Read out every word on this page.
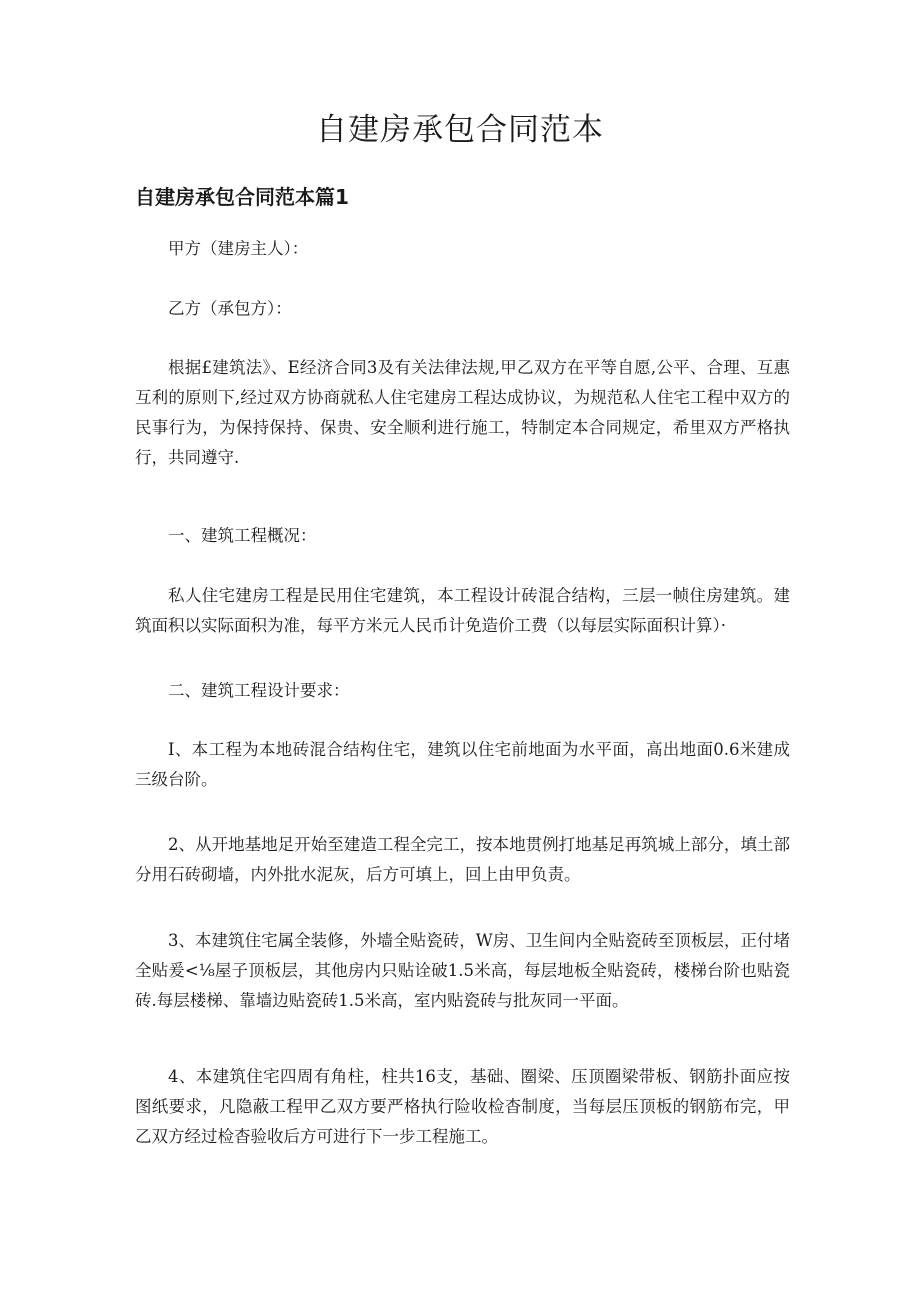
自建房承包合同范本
自建房承包合同范本篇1

甲方（建房主人）：

乙方（承包方）：

根据£建筑法》、E经济合同3及有关法律法规,甲乙双方在平等自愿,公平、合理、互惠互利的原则下,经过双方协商就私人住宅建房工程达成协议，为规范私人住宅工程中双方的民事行为，为保持保持、保贵、安全顺利进行施工，特制定本合同规定，希里双方严格执行，共同遵守.

一、建筑工程概况：

私人住宅建房工程是民用住宅建筑，本工程设计砖混合结构，三层一帧住房建筑。建筑面积以实际面积为准，每平方米元人民币计免造价工费（以每层实际面积计算）·

二、建筑工程设计要求：

I、本工程为本地砖混合结构住宅，建筑以住宅前地面为水平面，高出地面0.6米建成三级台阶。

2、从开地基地足开始至建造工程全完工，按本地贯例打地基足再筑城上部分，填土部分用石砖砌墙，内外批水泥灰，后方可填上，回上由甲负责。

3、本建筑住宅属全装修，外墙全贴瓷砖，W房、卫生间内全贴瓷砖至顶板层，正付堵全贴爰<⅛屋子顶板层，其他房内只贴诠破1.5米高，每层地板全贴瓷砖，楼梯台阶也贴瓷砖.每层楼梯、靠墙边贴瓷砖1.5米高，室内贴瓷砖与批灰同一平面。

4、本建筑住宅四周有角柱，柱共16支，基础、圈梁、压顶圈梁带板、钢筋扑面应按图纸要求，凡隐蔽工程甲乙双方要严格执行险收检杳制度，当每层压顶板的钢筋布完，甲乙双方经过检杳验收后方可进行下一步工程施工。
